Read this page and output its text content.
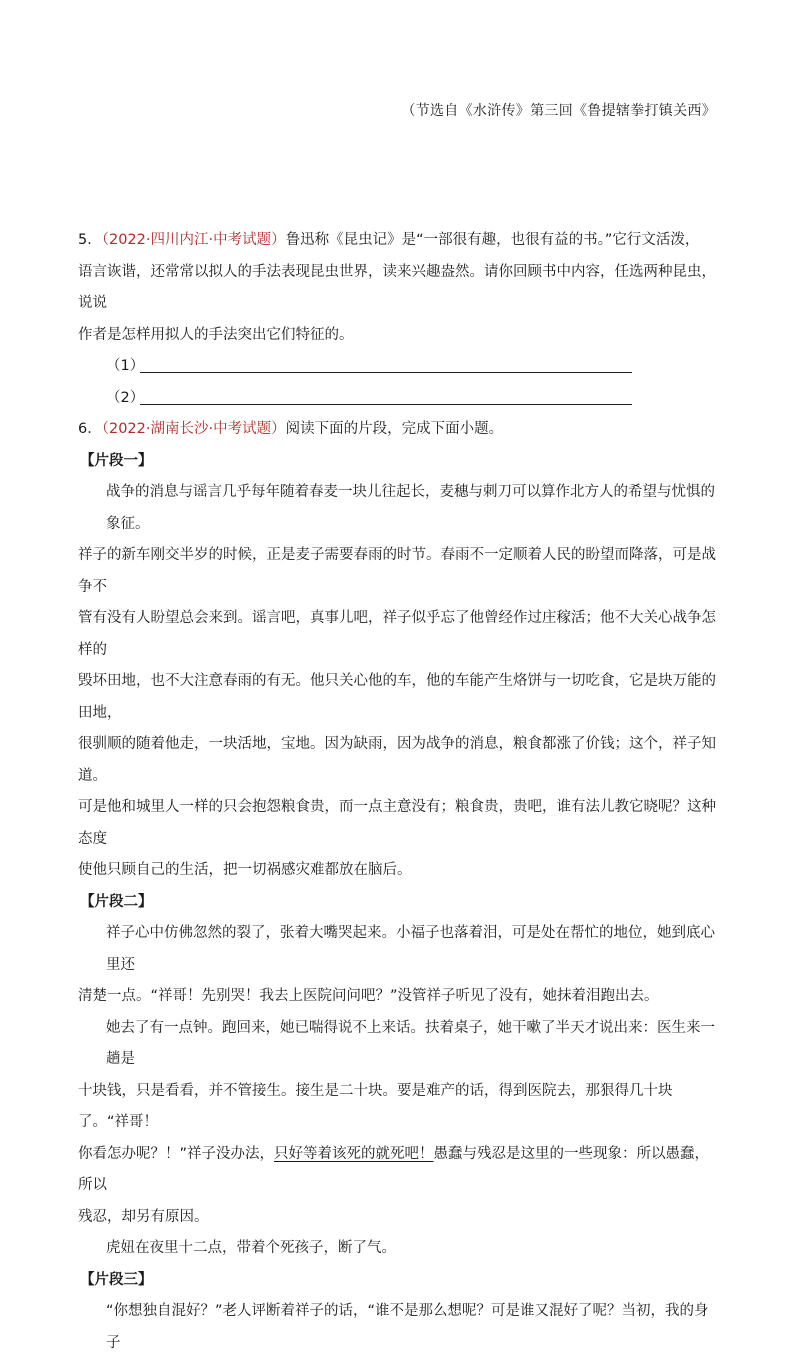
（节选自《水浒传》第三回《鲁提辖拳打镇关西》

5．（2022·四川内江·中考试题）鲁迅称《昆虫记》是“一部很有趣，也很有益的书。”它行文活泼，

语言诙谐，还常常以拟人的手法表现昆虫世界，读来兴趣盎然。请你回顾书中内容，任选两种昆虫，说说

作者是怎样用拟人的手法突出它们特征的。

（1）
（2）

6．（2022·湖南长沙·中考试题）阅读下面的片段，完成下面小题。

【片段一】

战争的消息与谣言几乎每年随着春麦一块儿往起长，麦穗与刺刀可以算作北方人的希望与忧惧的象征。

祥子的新车刚交半岁的时候，正是麦子需要春雨的时节。春雨不一定顺着人民的盼望而降落，可是战争不

管有没有人盼望总会来到。谣言吧，真事儿吧，祥子似乎忘了他曾经作过庄稼活；他不大关心战争怎样的

毁坏田地，也不大注意春雨的有无。他只关心他的车，他的车能产生烙饼与一切吃食，它是块万能的田地，

很驯顺的随着他走，一块活地，宝地。因为缺雨，因为战争的消息，粮食都涨了价钱；这个，祥子知道。

可是他和城里人一样的只会抱怨粮食贵，而一点主意没有；粮食贵，贵吧，谁有法儿教它晓呢？这种态度

使他只顾自己的生活，把一切祸感灾难都放在脑后。

【片段二】

祥子心中仿佛忽然的裂了，张着大嘴哭起来。小福子也落着泪，可是处在帮忙的地位，她到底心里还

清楚一点。“祥哥！先别哭！我去上医院问问吧？”没管祥子听见了没有，她抹着泪跑出去。

她去了有一点钟。跑回来，她已喘得说不上来话。扶着桌子，她干嗽了半天才说出来：医生来一趟是

十块钱，只是看看，并不管接生。接生是二十块。要是难产的话，得到医院去，那狠得几十块了。“祥哥！

你看怎办呢？！”祥子没办法，只好等着该死的就死吧！愚蠢与残忍是这里的一些现象：所以愚蠢，所以

残忍，却另有原因。

虎妞在夜里十二点，带着个死孩子，断了气。

【片段三】

“你想独自混好？”老人评断着祥子的话，“谁不是那么想呢？可是谁又混好了呢？当初，我的身子
